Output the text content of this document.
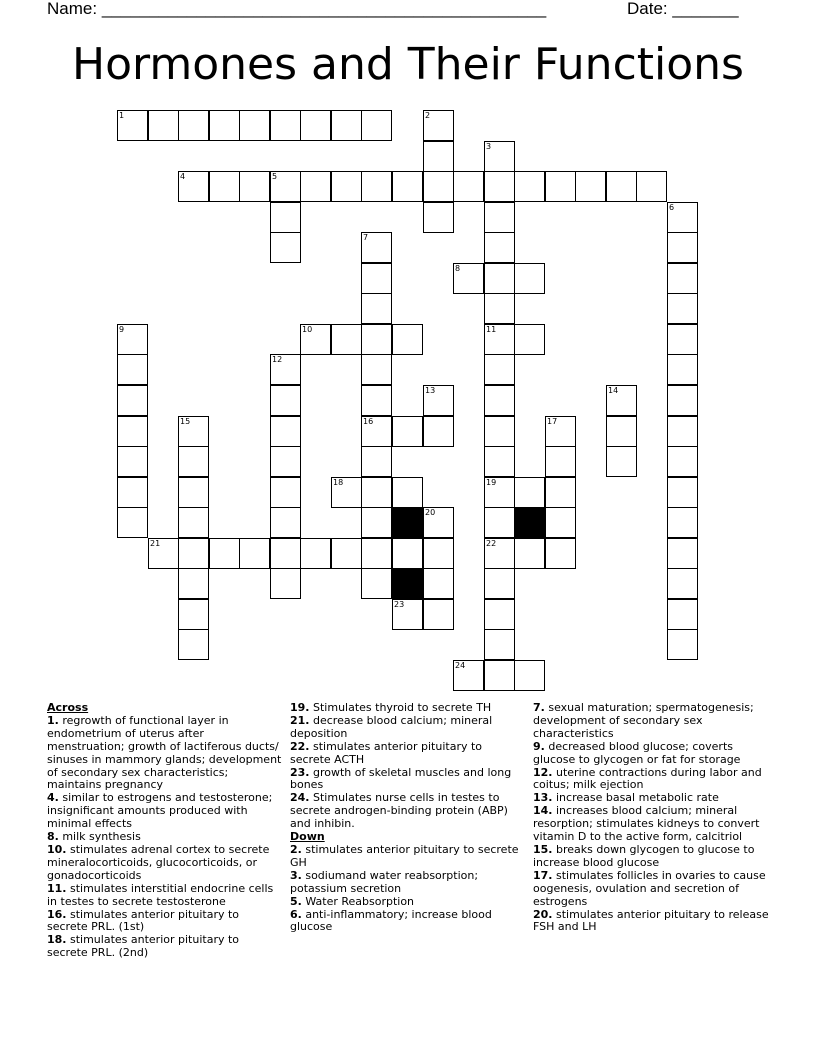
Name: _______________________________________________	Date: _______
Hormones and Their Functions
1	2
3
4	5
6
7
8
9	10	11
12
13	14
15	16	17
18	19
20
21	22
23
24
Across
1. regrowth of functional layer in endometrium of uterus after menstruation; growth of lactiferous ducts/ sinuses in mammory glands; development of secondary sex characteristics; maintains pregnancy
4. similar to estrogens and testosterone; insignificant amounts produced with minimal effects
8. milk synthesis
10. stimulates adrenal cortex to secrete mineralocorticoids, glucocorticoids, or gonadocorticoids
11. stimulates interstitial endocrine cells in testes to secrete testosterone
16. stimulates anterior pituitary to secrete PRL. (1st)
18. stimulates anterior pituitary to secrete PRL. (2nd)
19. Stimulates thyroid to secrete TH
21. decrease blood calcium; mineral deposition
22. stimulates anterior pituitary to secrete ACTH
23. growth of skeletal muscles and long bones
24. Stimulates nurse cells in testes to secrete androgen-binding protein (ABP) and inhibin.
Down
2. stimulates anterior pituitary to secrete GH
3. sodiumand water reabsorption; potassium secretion
5. Water Reabsorption
6. anti-inflammatory; increase blood glucose
7. sexual maturation; spermatogenesis; development of secondary sex characteristics
9. decreased blood glucose; coverts glucose to glycogen or fat for storage
12. uterine contractions during labor and coitus; milk ejection
13. increase basal metabolic rate
14. increases blood calcium; mineral resorption; stimulates kidneys to convert vitamin D to the active form, calcitriol
15. breaks down glycogen to glucose to increase blood glucose
17. stimulates follicles in ovaries to cause oogenesis, ovulation and secretion of estrogens
20. stimulates anterior pituitary to release FSH and LH
